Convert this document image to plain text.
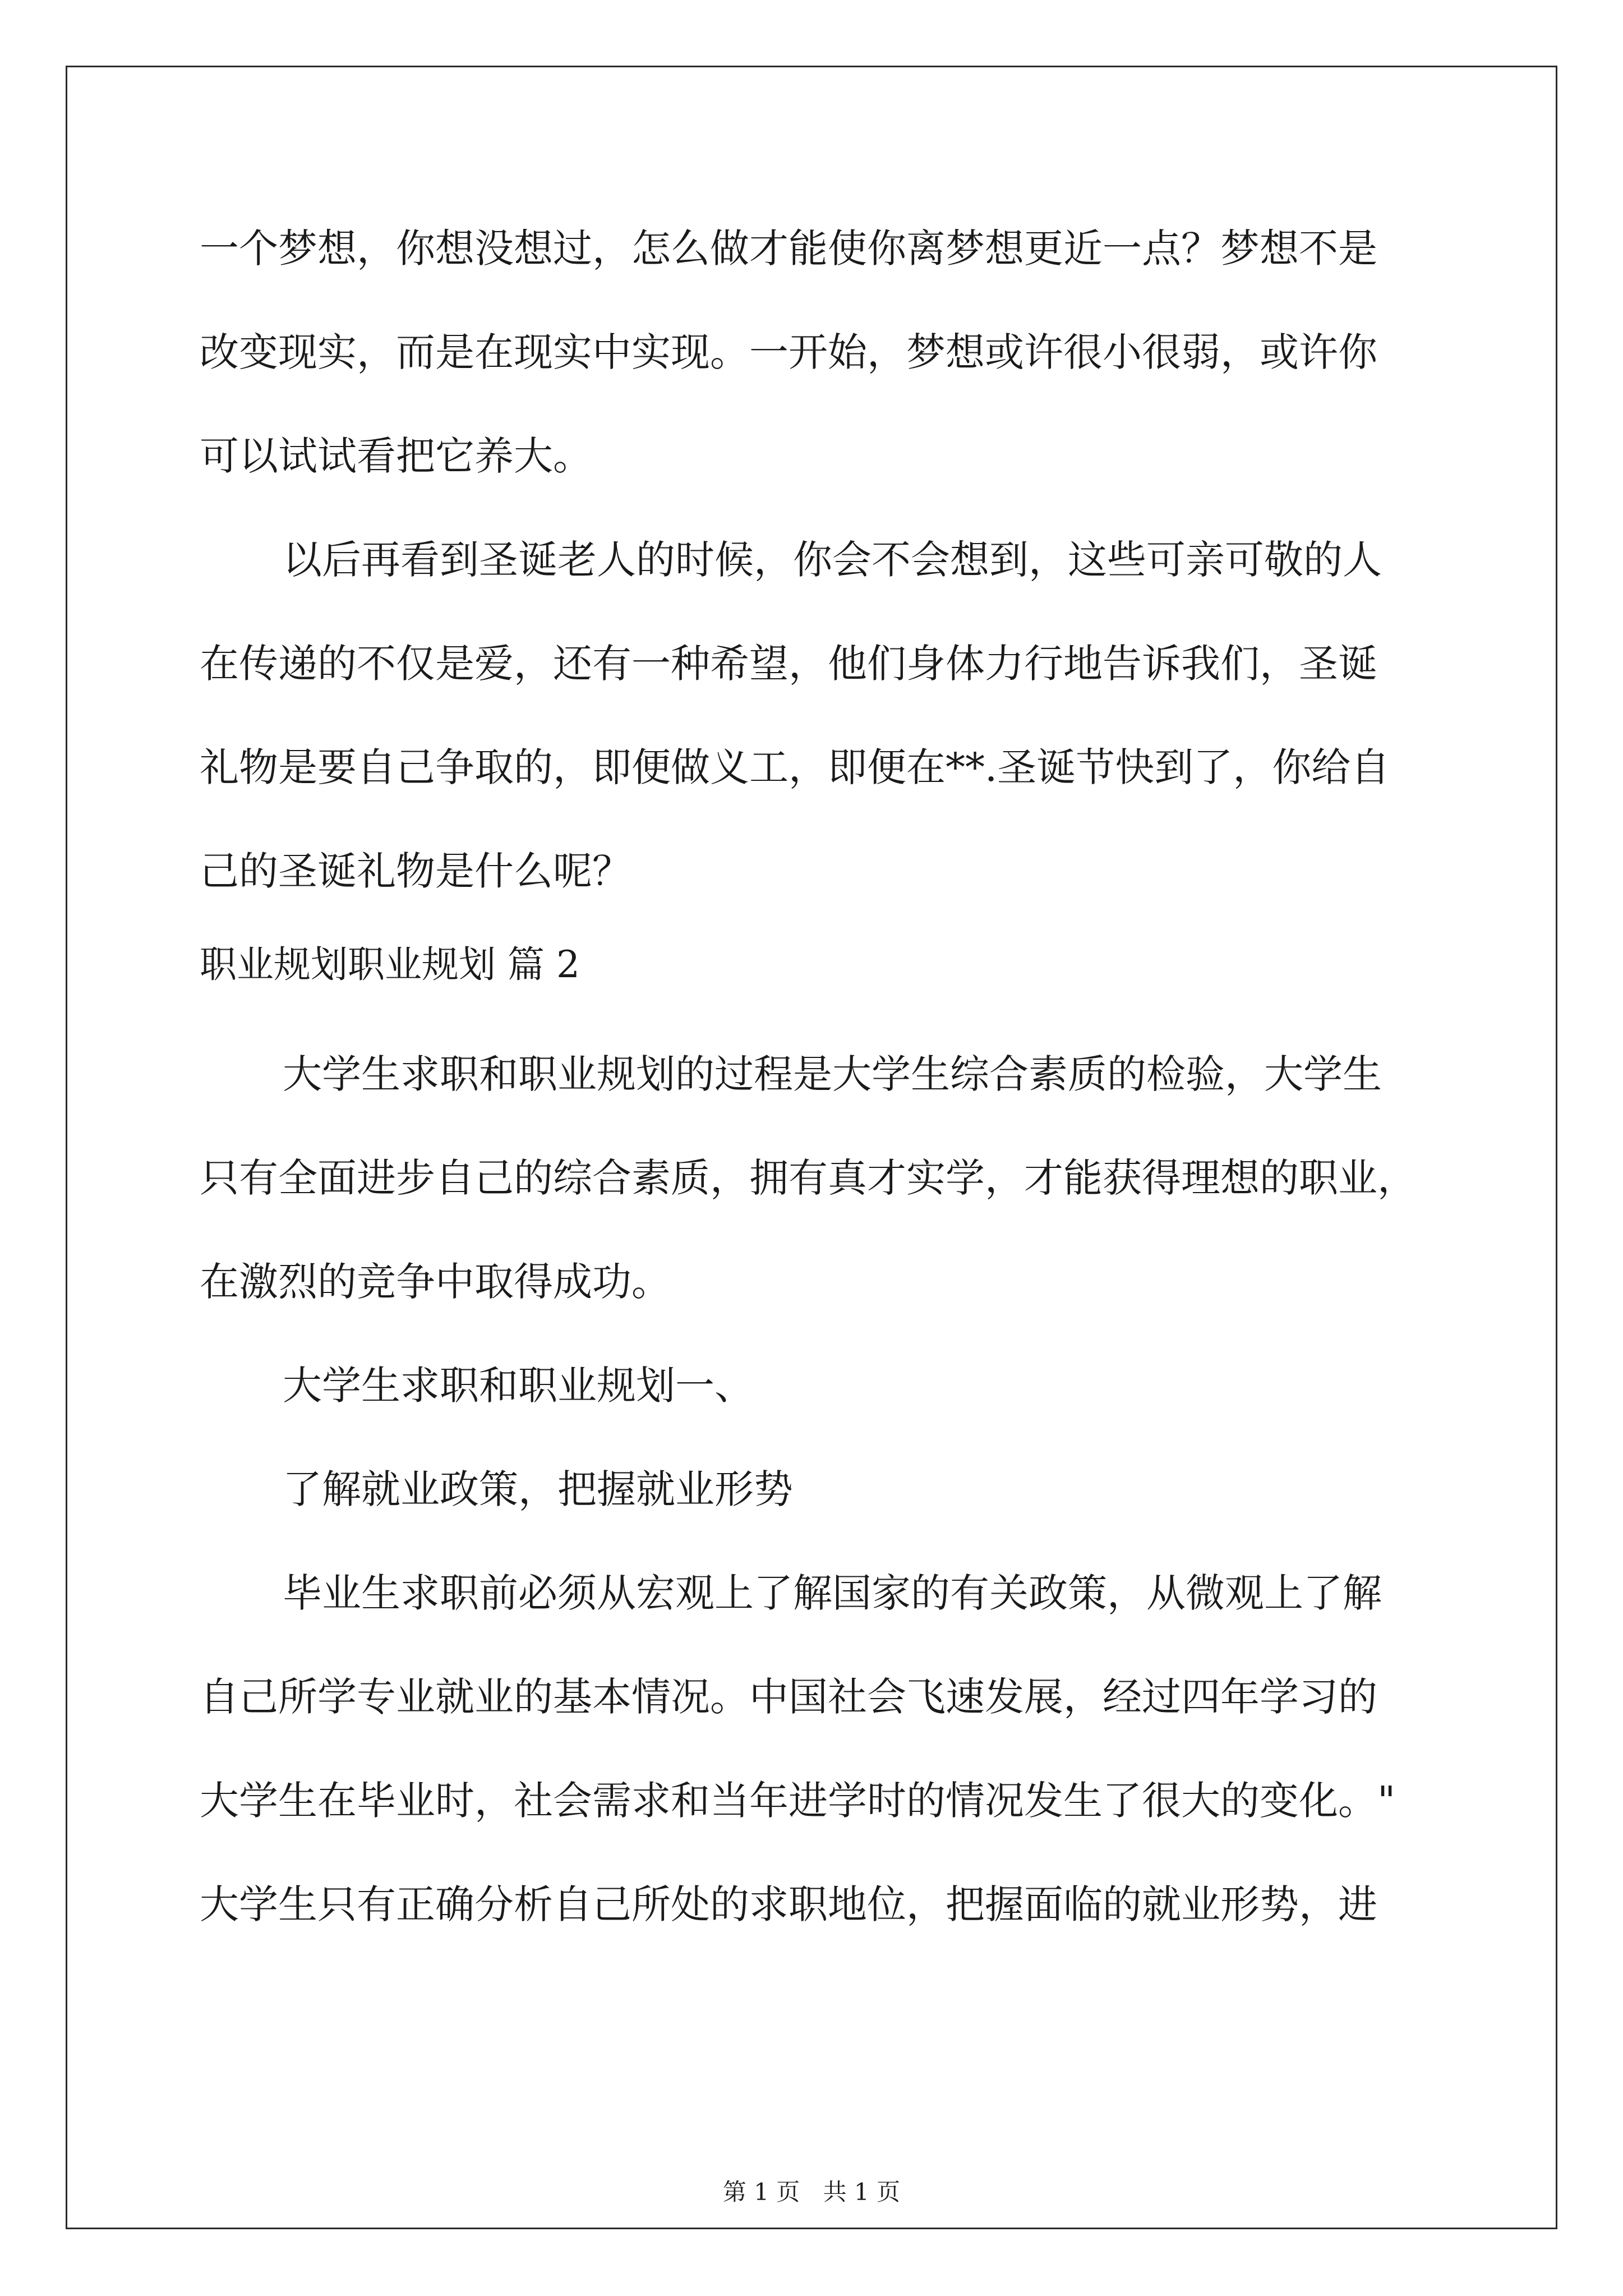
一个梦想，你想没想过，怎么做才能使你离梦想更近一点？梦想不是
改变现实，而是在现实中实现。一开始，梦想或许很小很弱，或许你
可以试试看把它养大。
以后再看到圣诞老人的时候，你会不会想到，这些可亲可敬的人
在传递的不仅是爱，还有一种希望，他们身体力行地告诉我们，圣诞
礼物是要自己争取的，即便做义工，即便在**.圣诞节快到了，你给自
己的圣诞礼物是什么呢？
职业规划职业规划 篇 2
大学生求职和职业规划的过程是大学生综合素质的检验，大学生
只有全面进步自己的综合素质，拥有真才实学，才能获得理想的职业，
在激烈的竞争中取得成功。
大学生求职和职业规划一、
了解就业政策，把握就业形势
毕业生求职前必须从宏观上了解国家的有关政策，从微观上了解
自己所学专业就业的基本情况。中国社会飞速发展，经过四年学习的
大学生在毕业时，社会需求和当年进学时的情况发生了很大的变化。"
大学生只有正确分析自己所处的求职地位，把握面临的就业形势，进
第 1 页 共 1 页
